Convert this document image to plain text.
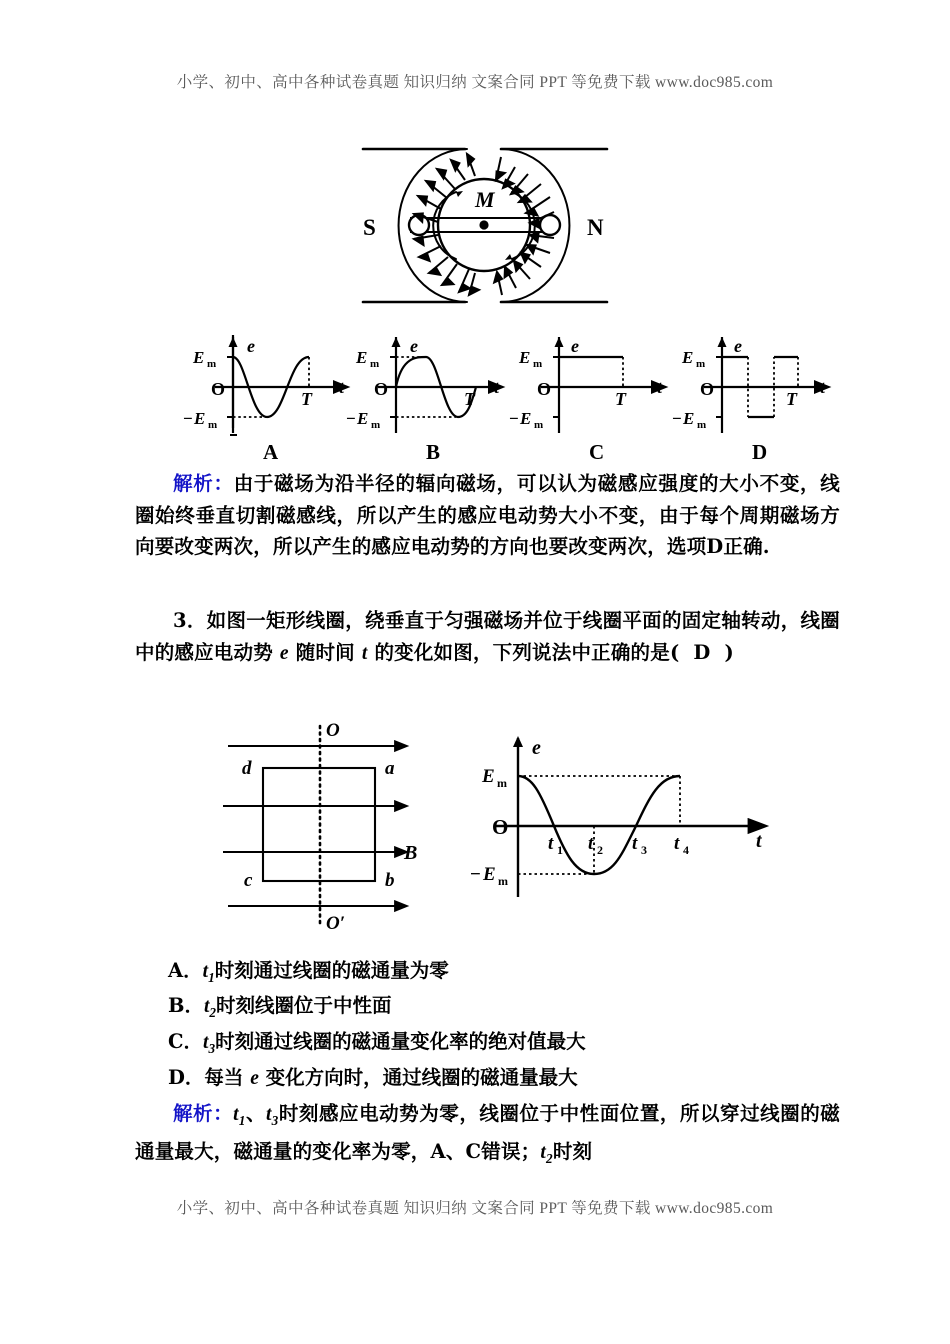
小学、初中、高中各种试卷真题 知识归纳 文案合同 PPT 等免费下载 www.doc985.com
S	N
M
E m
O
− E m
e
T
t
A
E m
O
− E m
e
T
t
B
E m
O
− E m
e
T
t
C
E m
O
− E m
e
T
t
D
解析：由于磁场为沿半径的辐向磁场，可以认为磁感应强度的大小不变，线圈始终垂直切割磁感线，所以产生的感应电动势大小不变，由于每个周期磁场方向要改变两次，所以产生的感应电动势的方向也要改变两次，选项D正确.
3．如图一矩形线圈，绕垂直于匀强磁场并位于线圈平面的固定轴转动，线圈中的感应电动势 e 随时间 t 的变化如图，下列说法中正确的是( D )
O
O′
d	a
c	b
B
e
t
O
E m
− E m
t 1 t 2 t 3 t 4
A．$t_1$时刻通过线圈的磁通量为零
B．$t_2$时刻线圈位于中性面
C．$t_3$时刻通过线圈的磁通量变化率的绝对值最大
D．每当 e 变化方向时，通过线圈的磁通量最大
解析：$t_1$、$t_3$时刻感应电动势为零，线圈位于中性面位置，所以穿过线圈的磁通量最大，磁通量的变化率为零，A、C错误；$t_2$时刻
小学、初中、高中各种试卷真题 知识归纳 文案合同 PPT 等免费下载 www.doc985.com
